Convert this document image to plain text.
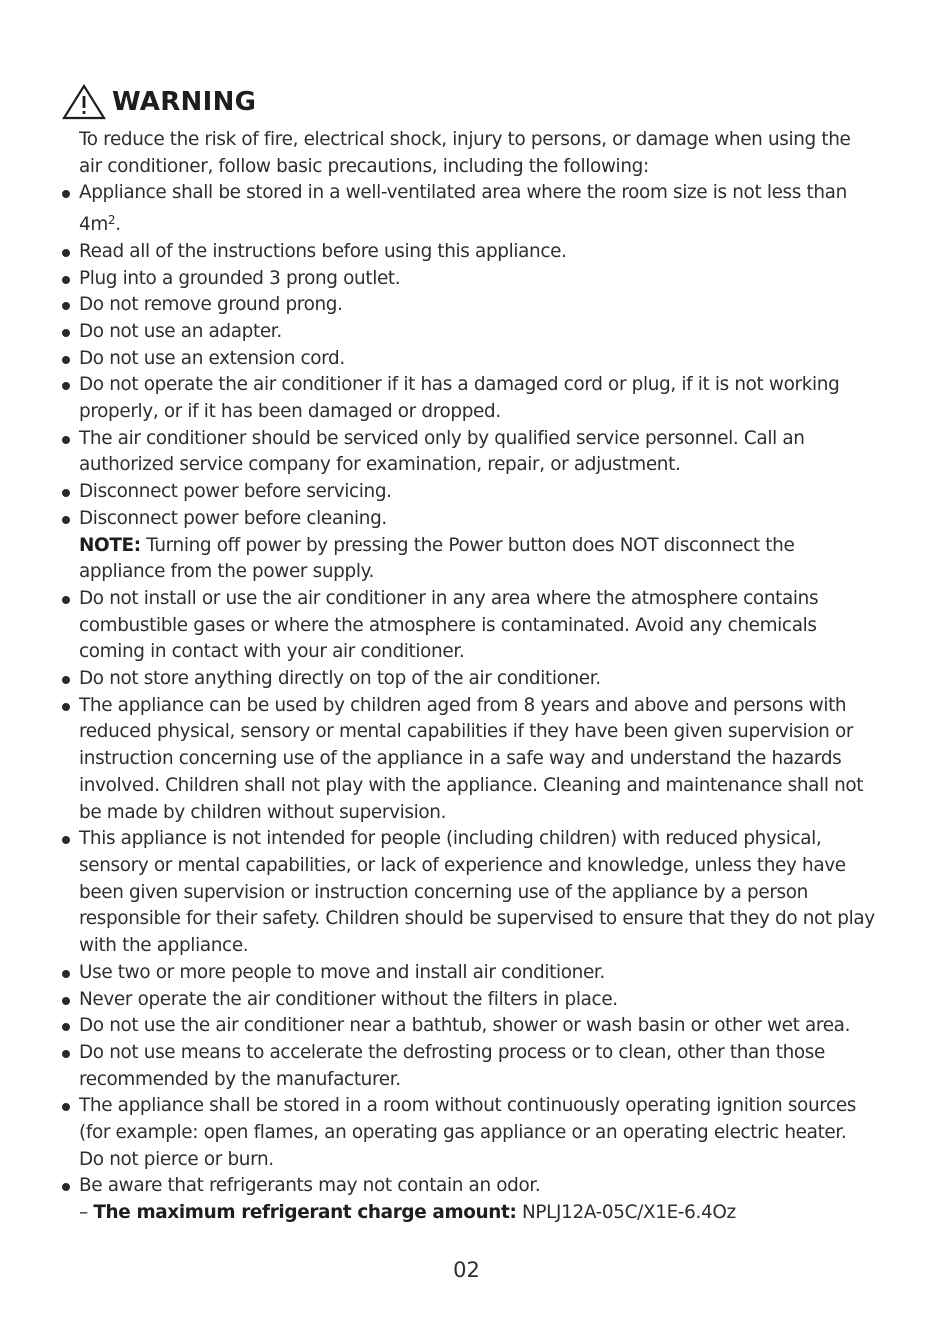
WARNING
To reduce the risk of fire, electrical shock, injury to persons, or damage when using the air conditioner, follow basic precautions, including the following:
Appliance shall be stored in a well-ventilated area where the room size is not less than $4m^2$.
Read all of the instructions before using this appliance.
Plug into a grounded 3 prong outlet.
Do not remove ground prong.
Do not use an adapter.
Do not use an extension cord.
Do not operate the air conditioner if it has a damaged cord or plug, if it is not working properly, or if it has been damaged or dropped.
The air conditioner should be serviced only by qualified service personnel. Call an authorized service company for examination, repair, or adjustment.
Disconnect power before servicing.
Disconnect power before cleaning.
NOTE: Turning off power by pressing the Power button does NOT disconnect the appliance from the power supply.
Do not install or use the air conditioner in any area where the atmosphere contains combustible gases or where the atmosphere is contaminated. Avoid any chemicals coming in contact with your air conditioner.
Do not store anything directly on top of the air conditioner.
The appliance can be used by children aged from 8 years and above and persons with reduced physical, sensory or mental capabilities if they have been given supervision or instruction concerning use of the appliance in a safe way and understand the hazards involved. Children shall not play with the appliance. Cleaning and maintenance shall not be made by children without supervision.
This appliance is not intended for people (including children) with reduced physical, sensory or mental capabilities, or lack of experience and knowledge, unless they have been given supervision or instruction concerning use of the appliance by a person responsible for their safety. Children should be supervised to ensure that they do not play with the appliance.
Use two or more people to move and install air conditioner.
Never operate the air conditioner without the filters in place.
Do not use the air conditioner near a bathtub, shower or wash basin or other wet area.
Do not use means to accelerate the defrosting process or to clean, other than those recommended by the manufacturer.
The appliance shall be stored in a room without continuously operating ignition sources (for example: open flames, an operating gas appliance or an operating electric heater. Do not pierce or burn.
Be aware that refrigerants may not contain an odor.
– The maximum refrigerant charge amount: NPLJ12A-05C/X1E-6.4Oz
02
